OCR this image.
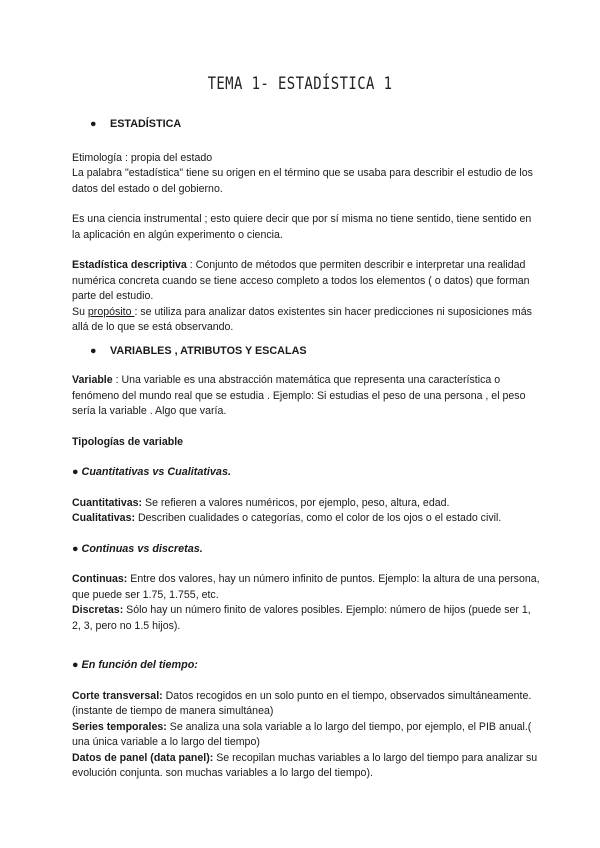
TEMA 1- ESTADÍSTICA 1
● ESTADÍSTICA

Etimología : propia del estado

La palabra "estadística" tiene su origen en el término que se usaba para describir el estudio de los datos del estado o del gobierno.

Es una ciencia instrumental ; esto quiere decir que por sí misma no tiene sentido, tiene sentido en la aplicación en algún experimento o ciencia.

Estadística descriptiva : Conjunto de métodos que permiten describir e interpretar una realidad numérica concreta cuando se tiene acceso completo a todos los elementos ( o datos) que forman parte del estudio.

Su propósito : se utiliza para analizar datos existentes sin hacer predicciones ni suposiciones más allá de lo que se está observando.

● VARIABLES , ATRIBUTOS Y ESCALAS

Variable : Una variable es una abstracción matemática que representa una característica o fenómeno del mundo real que se estudia . Ejemplo: Si estudias el peso de una persona , el peso sería la variable . Algo que varía.

Tipologías de variable

● Cuantitativas vs Cualitativas.

Cuantitativas: Se refieren a valores numéricos, por ejemplo, peso, altura, edad.

Cualitativas: Describen cualidades o categorías, como el color de los ojos o el estado civil.

● Continuas vs discretas.

Continuas: Entre dos valores, hay un número infinito de puntos. Ejemplo: la altura de una persona, que puede ser 1.75, 1.755, etc.

Discretas: Sólo hay un número finito de valores posibles. Ejemplo: número de hijos (puede ser 1, 2, 3, pero no 1.5 hijos).

● En función del tiempo:

Corte transversal: Datos recogidos en un solo punto en el tiempo, observados simultáneamente.(instante de tiempo de manera simultánea)

Series temporales: Se analiza una sola variable a lo largo del tiempo, por ejemplo, el PIB anual.( una única variable a lo largo del tiempo)

Datos de panel (data panel): Se recopilan muchas variables a lo largo del tiempo para analizar su evolución conjunta. son muchas variables a lo largo del tiempo).
